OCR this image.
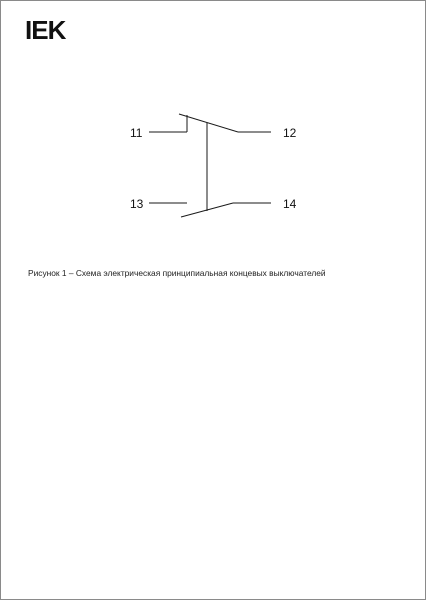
IEK
11	12
13	14

Рисунок 1 – Схема электрическая принципиальная концевых выключателей
